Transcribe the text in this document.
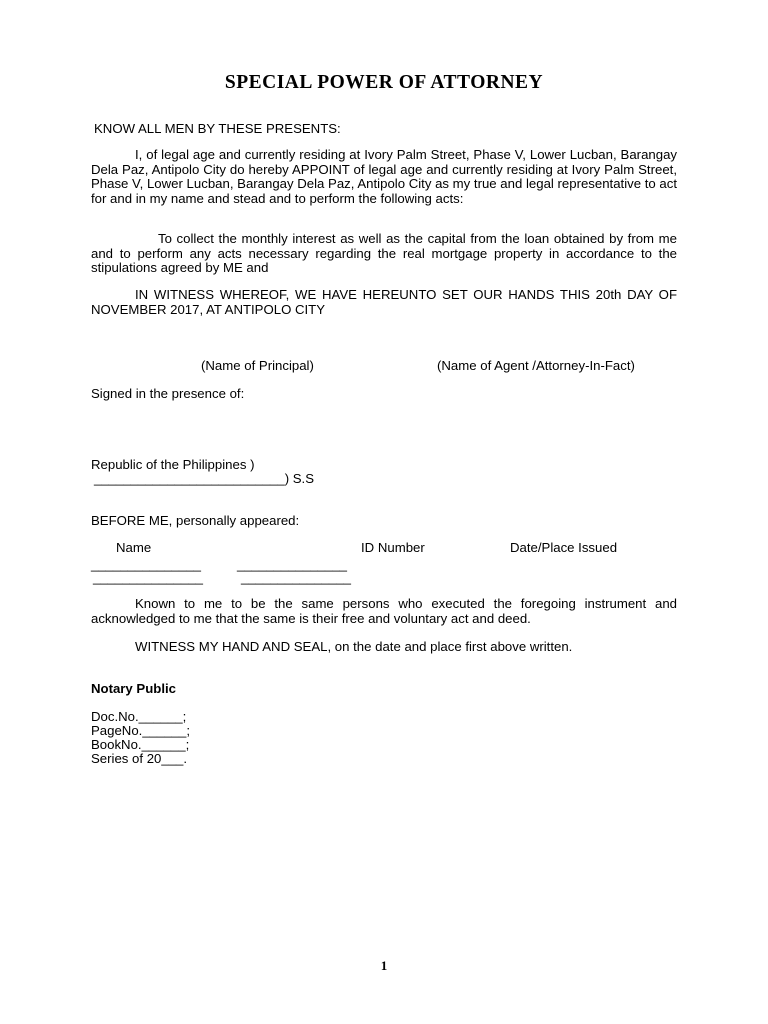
SPECIAL POWER OF ATTORNEY
KNOW ALL MEN BY THESE PRESENTS:
I, of legal age and currently residing at Ivory Palm Street, Phase V, Lower Lucban, Barangay Dela Paz, Antipolo City do hereby APPOINT of legal age and currently residing at Ivory Palm Street, Phase V, Lower Lucban, Barangay Dela Paz, Antipolo City as my true and legal representative to act for and in my name and stead and to perform the following acts:
To collect the monthly interest as well as the capital from the loan obtained by from me and to perform any acts necessary regarding the real mortgage property in accordance to the stipulations agreed by ME and
IN WITNESS WHEREOF, WE HAVE HEREUNTO SET OUR HANDS THIS 20th DAY OF NOVEMBER 2017, AT ANTIPOLO CITY
(Name of Principal)	(Name of Agent /Attorney-In-Fact)
Signed in the presence of:
Republic of the Philippines )
__________________________) S.S
BEFORE ME, personally appeared:
Name	ID Number	Date/Place Issued
_______________	_______________
_______________	_______________
Known to me to be the same persons who executed the foregoing instrument and acknowledged to me that the same is their free and voluntary act and deed.
WITNESS MY HAND AND SEAL, on the date and place first above written.
Notary Public
Doc.No.______;
PageNo.______;
BookNo.______;
Series of 20___.
1
